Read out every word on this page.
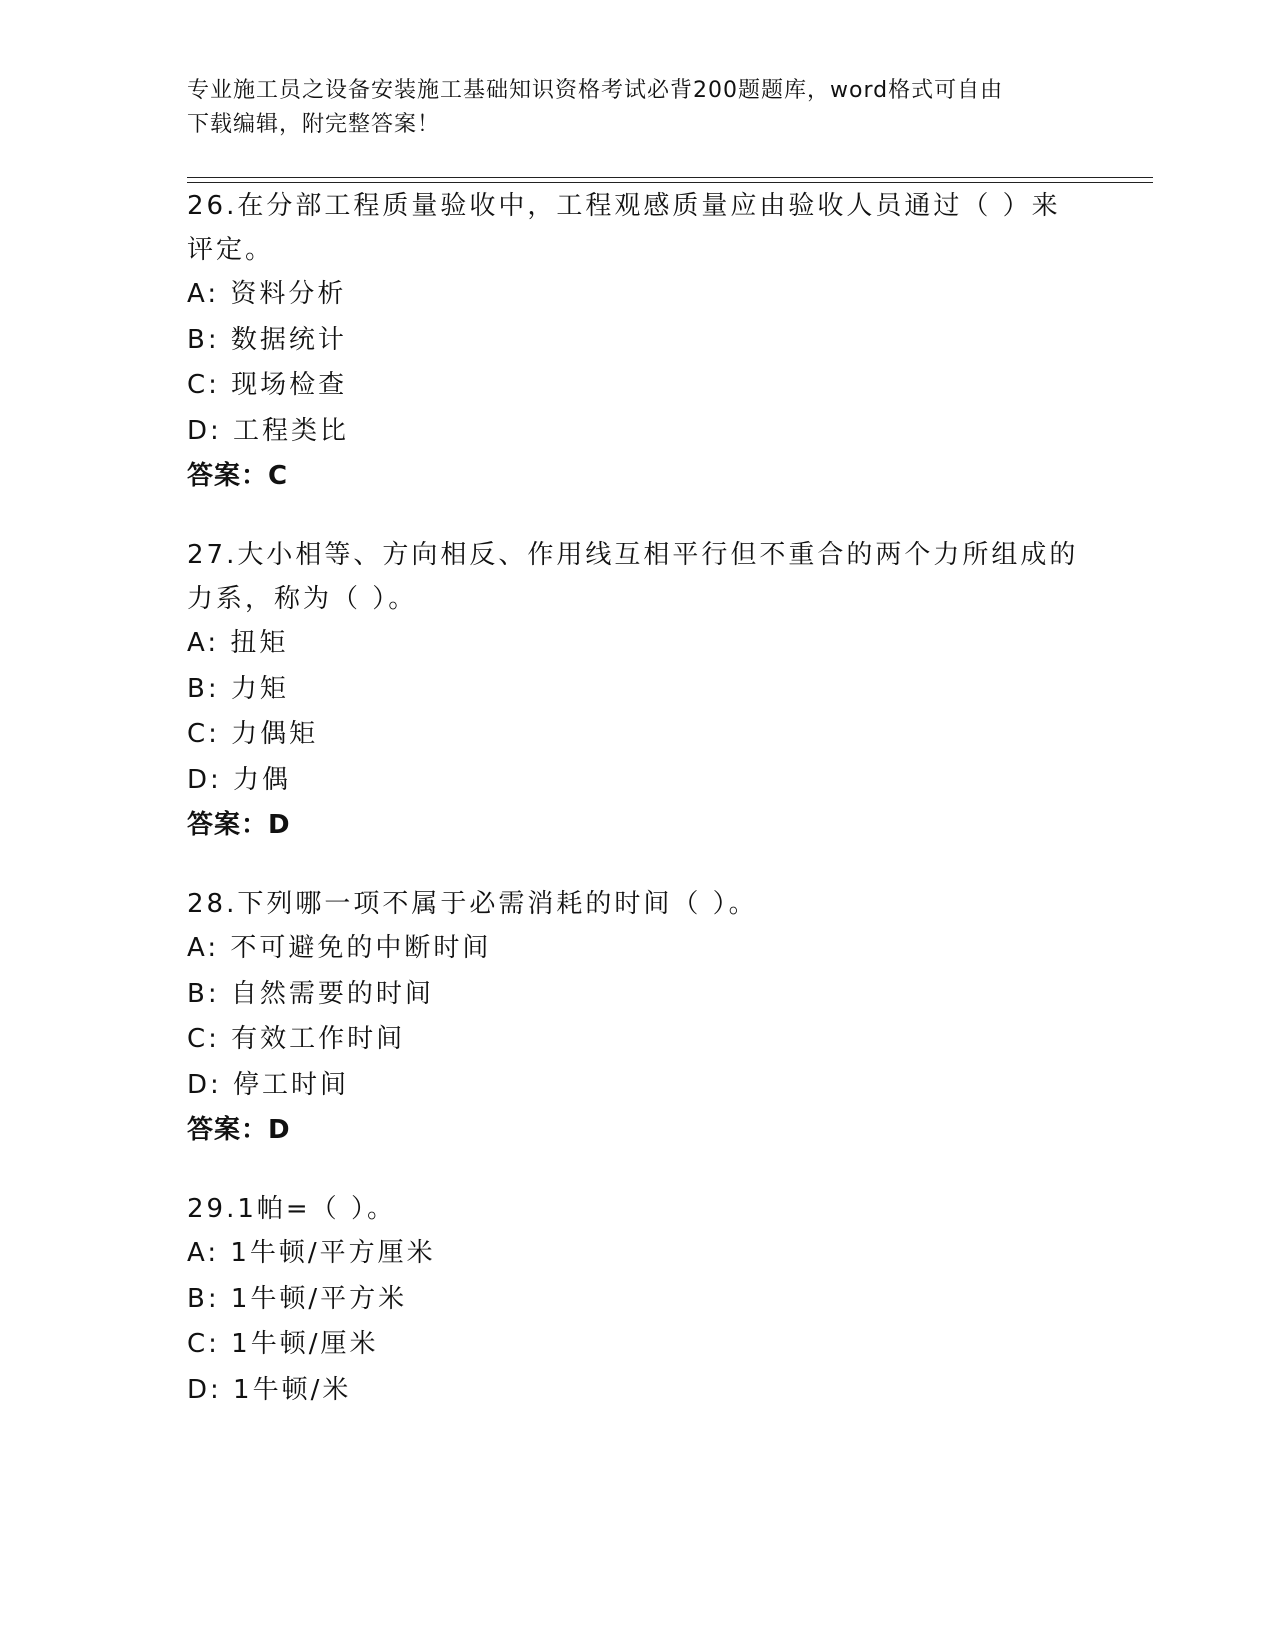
专业施工员之设备安装施工基础知识资格考试必背200题题库，word格式可自由
下载编辑，附完整答案！
26.在分部工程质量验收中，工程观感质量应由验收人员通过（ ）来
评定。
A: 资料分析
B: 数据统计
C: 现场检查
D: 工程类比
答案：C
27.大小相等、方向相反、作用线互相平行但不重合的两个力所组成的
力系，称为（ ）。
A: 扭矩
B: 力矩
C: 力偶矩
D: 力偶
答案：D
28.下列哪一项不属于必需消耗的时间（ ）。
A: 不可避免的中断时间
B: 自然需要的时间
C: 有效工作时间
D: 停工时间
答案：D
29.1帕=（ ）。
A: 1牛顿/平方厘米
B: 1牛顿/平方米
C: 1牛顿/厘米
D: 1牛顿/米
